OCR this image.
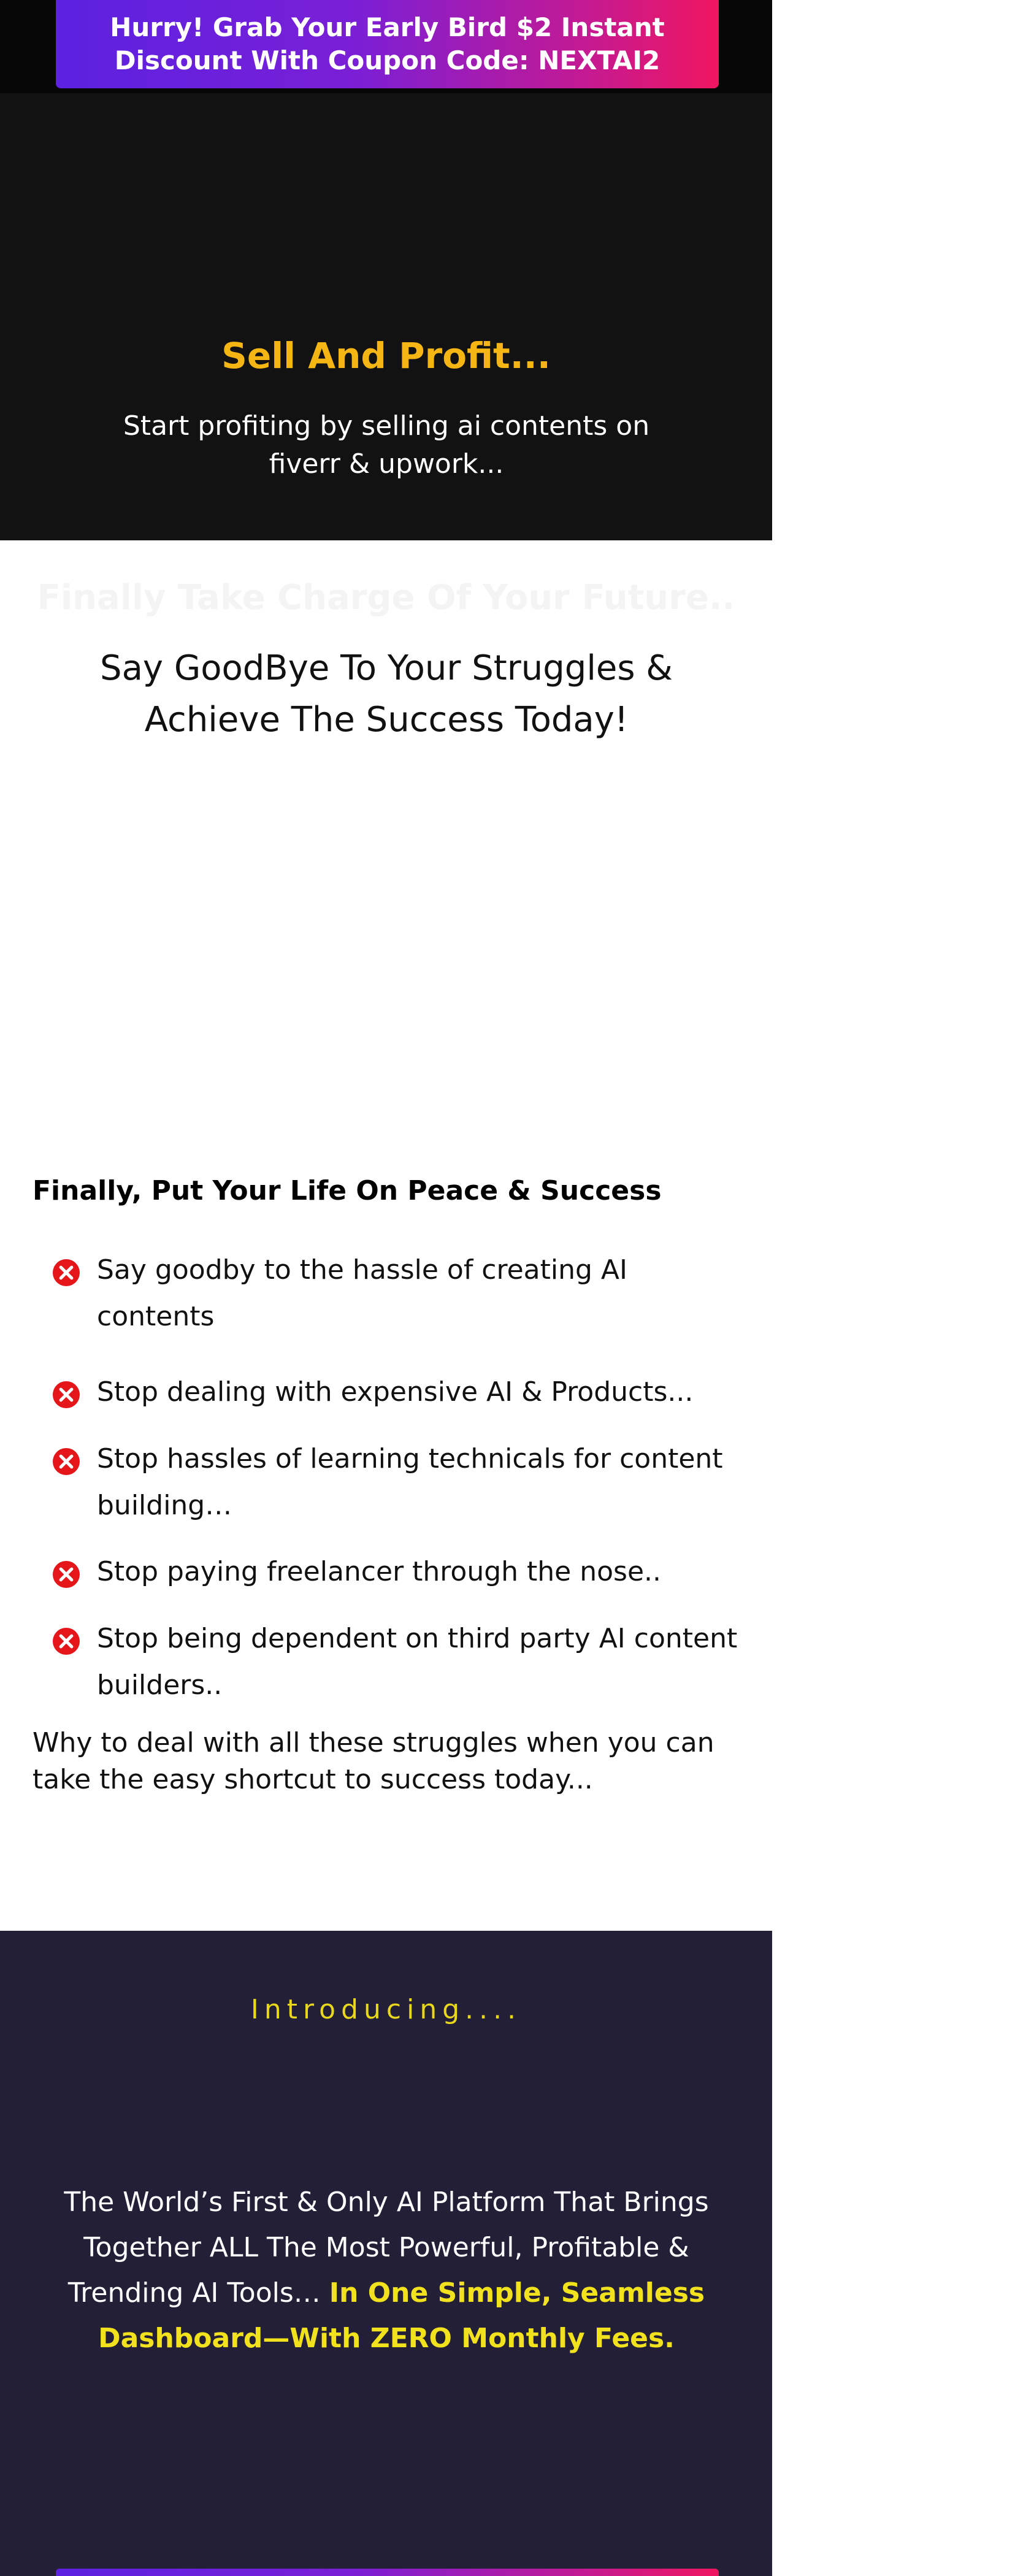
Hurry! Grab Your Early Bird $2 Instant Discount With Coupon Code: NEXTAI2
Sell And Profit...
Start profiting by selling ai contents on fiverr & upwork...
Finally Take Charge Of Your Future..
Say GoodBye To Your Struggles & Achieve The Success Today!
Finally, Put Your Life On Peace & Success
Say goodby to the hassle of creating AI contents
Stop dealing with expensive AI & Products...
Stop hassles of learning technicals for content building…
Stop paying freelancer through the nose..
Stop being dependent on third party AI content builders..
Why to deal with all these struggles when you can take the easy shortcut to success today...
Introducing....
The World’s First & Only AI Platform That Brings Together ALL The Most Powerful, Profitable & Trending AI Tools… In One Simple, Seamless Dashboard—With ZERO Monthly Fees.
